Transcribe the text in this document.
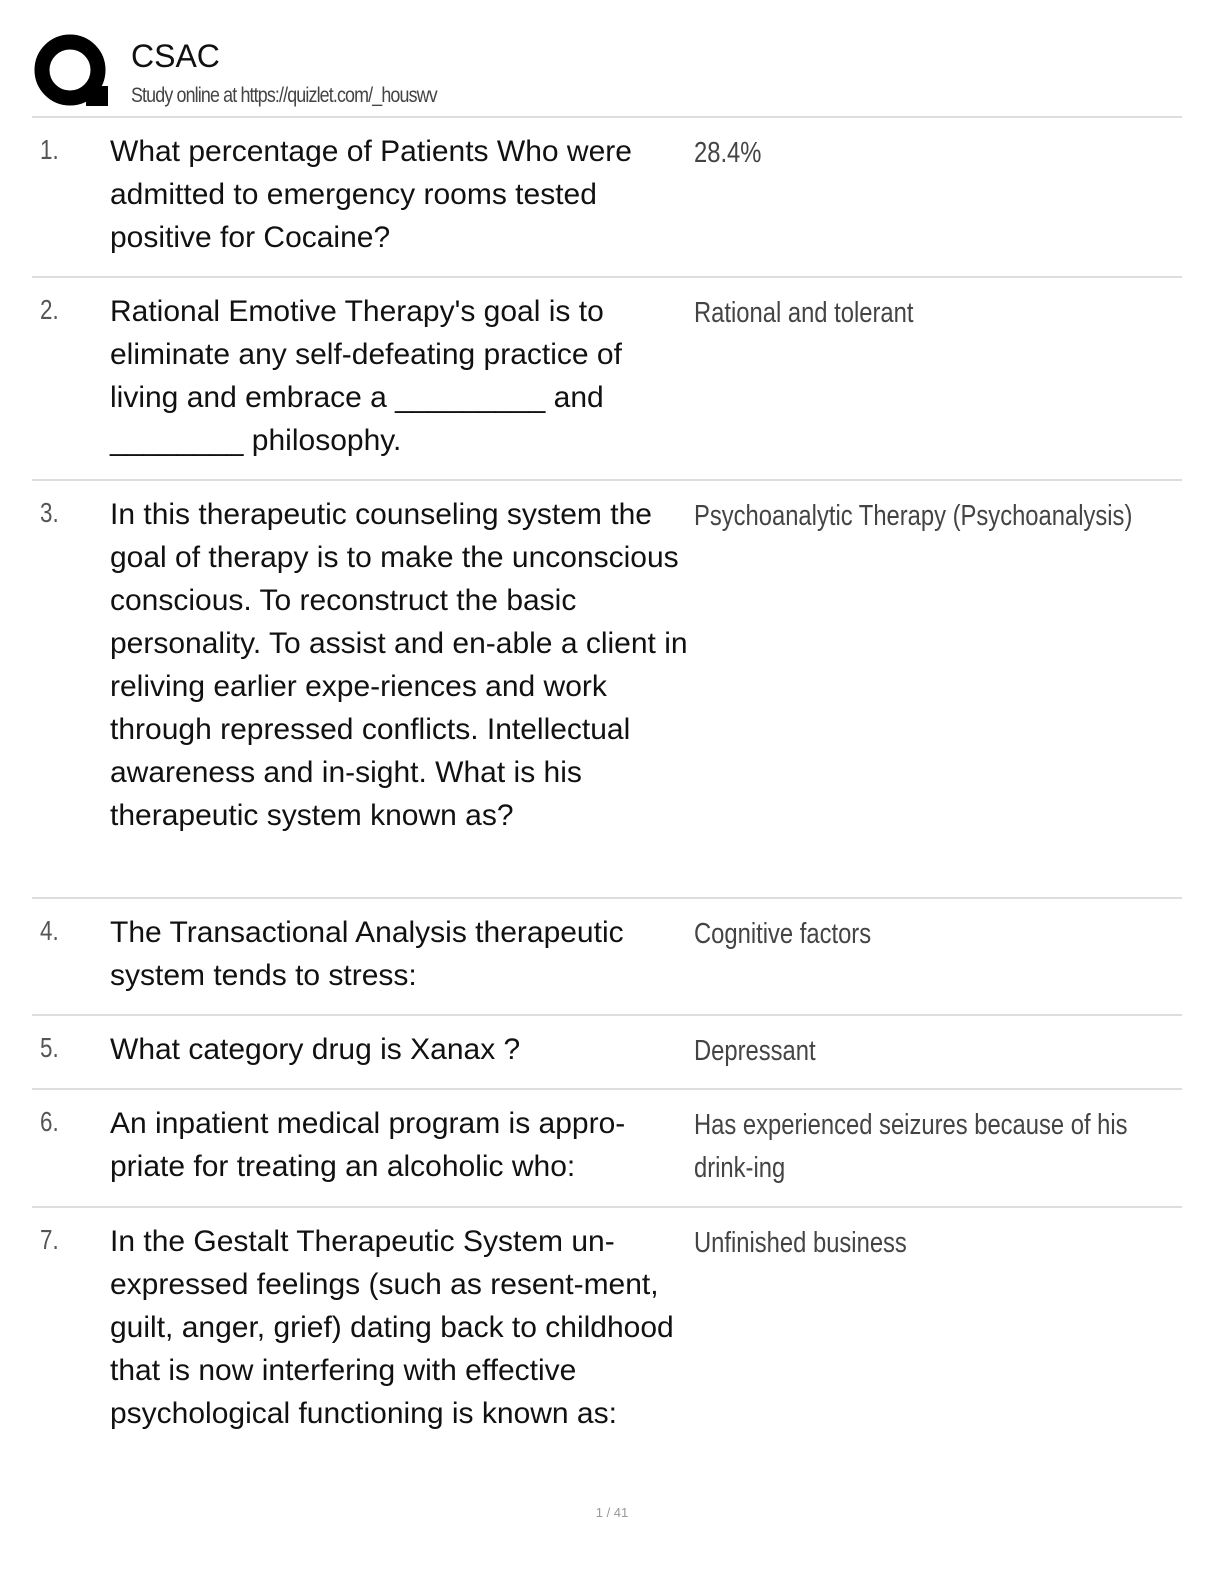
CSAC
Study online at https://quizlet.com/_houswv
1. What percentage of Patients Who were admitted to emergency rooms tested positive for Cocaine?
28.4%
2. Rational Emotive Therapy's goal is to eliminate any self-defeating practice of living and embrace a _________ and ________ philosophy.
Rational and tolerant
3. In this therapeutic counseling system the goal of therapy is to make the unconscious conscious. To reconstruct the basic personality. To assist and en-able a client in reliving earlier expe-riences and work through repressed conflicts. Intellectual awareness and in-sight. What is his therapeutic system known as?
Psychoanalytic Therapy (Psychoanalysis)
4. The Transactional Analysis therapeutic system tends to stress:
Cognitive factors
5. What category drug is Xanax ?	Depressant
6. An inpatient medical program is appro-priate for treating an alcoholic who:
Has experienced seizures because of his drink-ing
7. In the Gestalt Therapeutic System un-expressed feelings (such as resent-ment, guilt, anger, grief) dating back to childhood that is now interfering with effective psychological functioning is known as:
Unfinished business
1 / 41
